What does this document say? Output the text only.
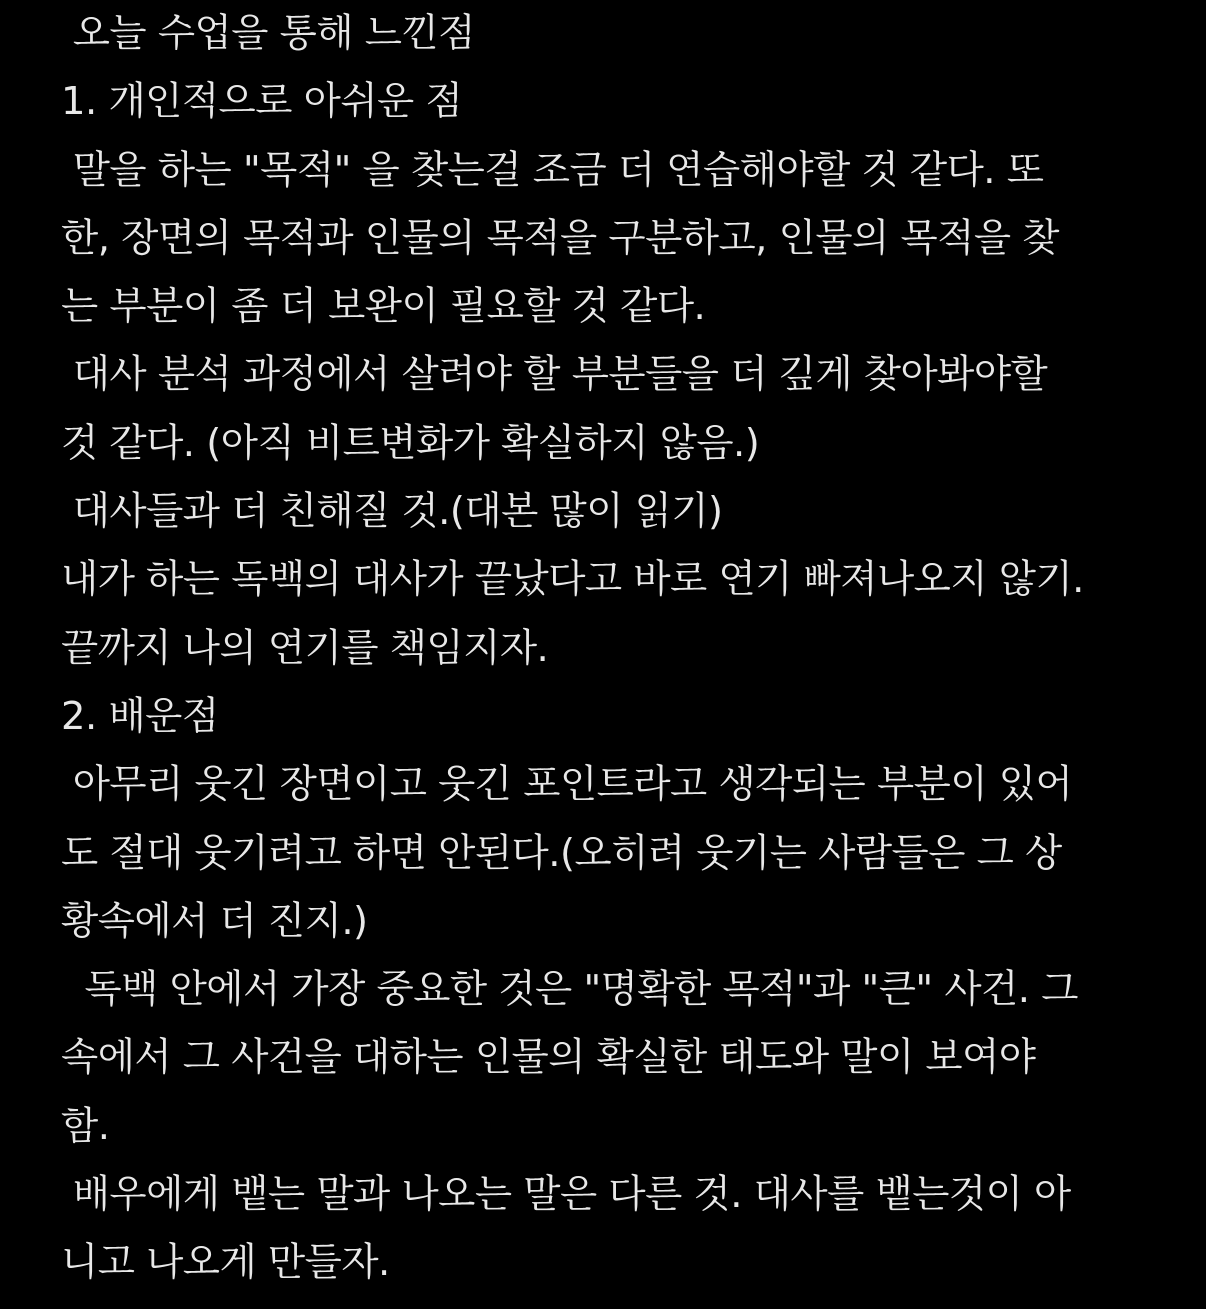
오늘 수업을 통해 느낀점
1. 개인적으로 아쉬운 점
말을 하는 "목적" 을 찾는걸 조금 더 연습해야할 것 같다. 또
한, 장면의 목적과 인물의 목적을 구분하고, 인물의 목적을 찾
는 부분이 좀 더 보완이 필요할 것 같다.
대사 분석 과정에서 살려야 할 부분들을 더 깊게 찾아봐야할
것 같다. (아직 비트변화가 확실하지 않음.)
대사들과 더 친해질 것.(대본 많이 읽기)
내가 하는 독백의 대사가 끝났다고 바로 연기 빠져나오지 않기.
끝까지 나의 연기를 책임지자.
2. 배운점
아무리 웃긴 장면이고 웃긴 포인트라고 생각되는 부분이 있어
도 절대 웃기려고 하면 안된다.(오히려 웃기는 사람들은 그 상
황속에서 더 진지.)
독백 안에서 가장 중요한 것은 "명확한 목적"과 "큰" 사건. 그
속에서 그 사건을 대하는 인물의 확실한 태도와 말이 보여야
함.
배우에게 뱉는 말과 나오는 말은 다른 것. 대사를 뱉는것이 아
니고 나오게 만들자.
